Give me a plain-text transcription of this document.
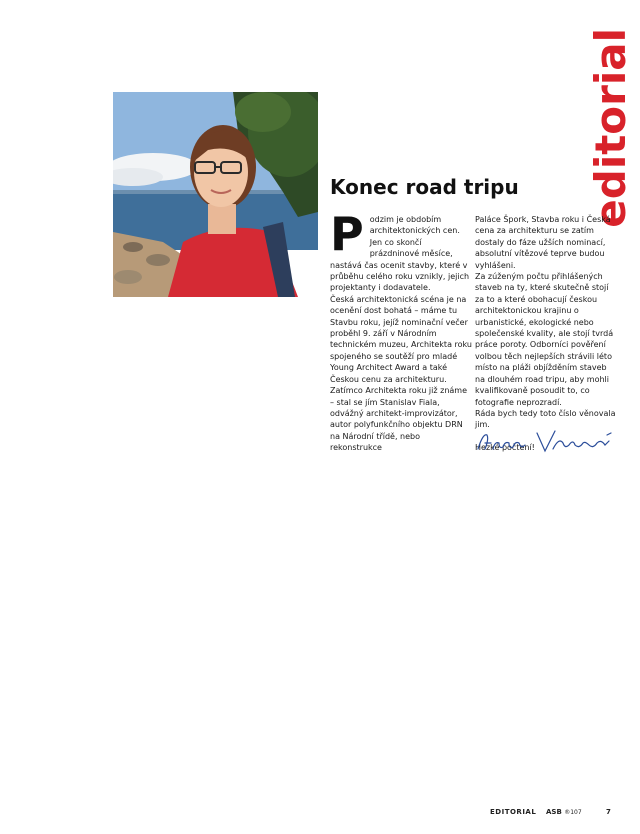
editorial
Konec road tripu

Podzim je obdobím architektonických cen. Jen co skončí prázdninové měsíce, nastává čas ocenit stavby, které v průběhu celého roku vznikly, jejich projektanty i dodavatele.

Česká architektonická scéna je na ocenění dost bohatá – máme tu Stavbu roku, jejíž nominační večer proběhl 9. září v Národním technickém muzeu, Architekta roku spojeného se soutěží pro mladé Young Architect Award a také Českou cenu za architekturu. Zatímco Architekta roku již známe – stal se jím Stanislav Fiala, odvážný architekt-improvizátor, autor polyfunkčního objektu DRN na Národní třídě, nebo rekonstrukce

Paláce Špork, Stavba roku i Česká cena za architekturu se zatím dostaly do fáze užších nominací, absolutní vítězové teprve budou vyhlášeni.

Za zúženým počtu přihlášených staveb na ty, které skutečně stojí za to a které obohacují českou architektonickou krajinu o urbanistické, ekologické nebo společenské kvality, ale stojí tvrdá práce poroty. Odborníci pověření volbou těch nejlepších strávili léto místo na pláži objížděním staveb na dlouhém road tripu, aby mohli kvalifikovaně posoudit to, co fotografie neprozradí.

Ráda bych tedy toto číslo věnovala jim.

Hezké počtení!

EDITORIAL ASB ®107	7
